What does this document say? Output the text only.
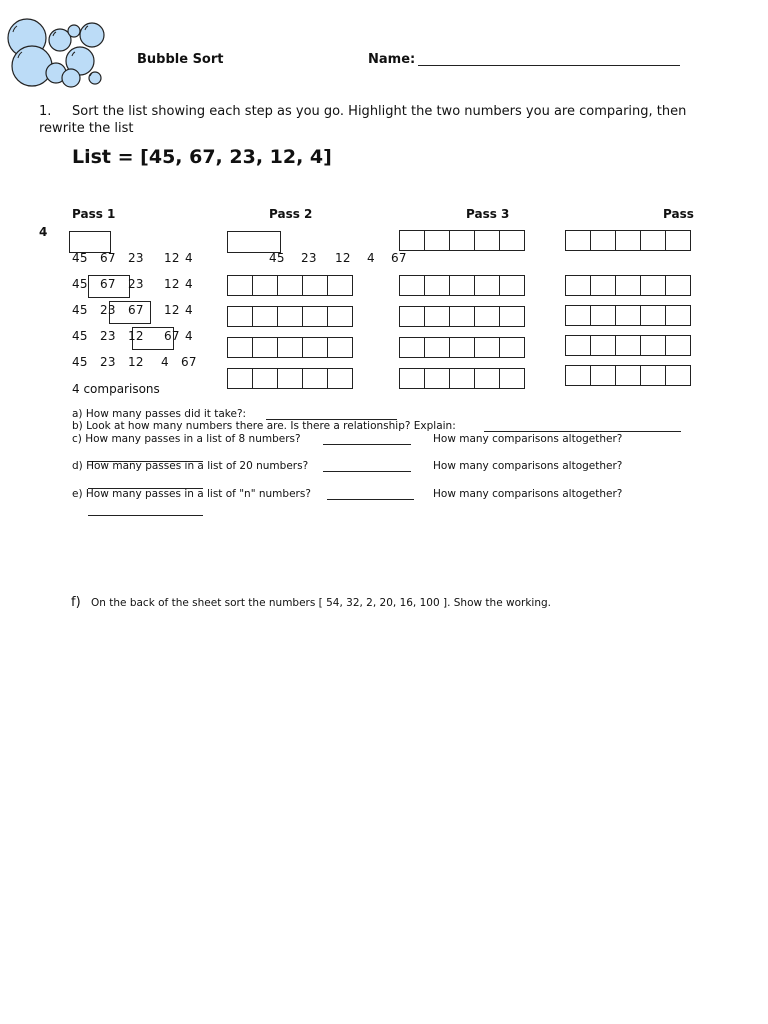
Bubble Sort	Name:
1. Sort the list showing each step as you go. Highlight the two numbers you are comparing, then
rewrite the list
List = [45, 67, 23, 12, 4]
Pass 1	Pass 2	Pass 3	Pass
4
45 67 23 12 4
45 67 23 12 4
45 23 67 12 4
45 23 12 67 4
45 23 12 4 67
4 comparisons
45 23 12 4 67
a) How many passes did it take?:
b) Look at how many numbers there are. Is there a relationship? Explain:
c) How many passes in a list of 8 numbers?	How many comparisons altogether?
d) How many passes in a list of 20 numbers?	How many comparisons altogether?
e) How many passes in a list of "n" numbers?	How many comparisons altogether?
f) On the back of the sheet sort the numbers [ 54, 32, 2, 20, 16, 100 ]. Show the working.
